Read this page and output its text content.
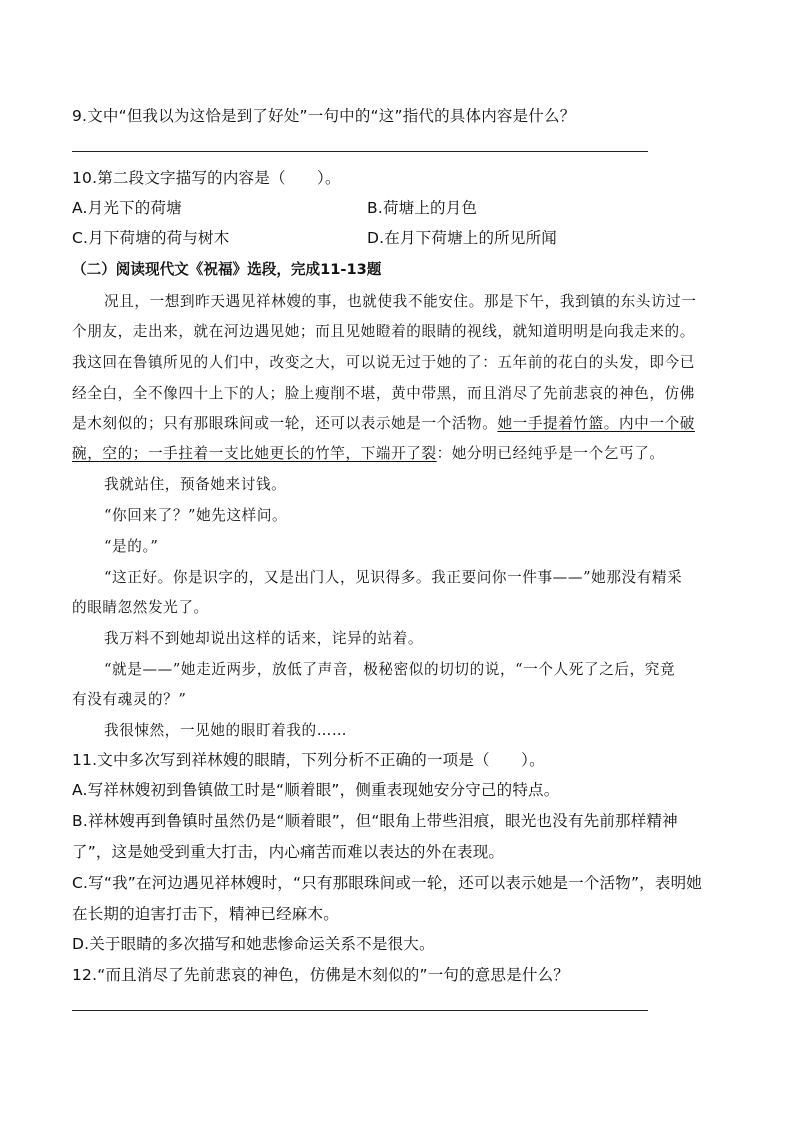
9.文中“但我以为这恰是到了好处”一句中的“这”指代的具体内容是什么？
10.第二段文字描写的内容是（　　）。
A.月光下的荷塘	B.荷塘上的月色
C.月下荷塘的荷与树木	D.在月下荷塘上的所见所闻
（二）阅读现代文《祝福》选段，完成11-13题
况且，一想到昨天遇见祥林嫂的事，也就使我不能安住。那是下午，我到镇的东头访过一
个朋友，走出来，就在河边遇见她；而且见她瞪着的眼睛的视线，就知道明明是向我走来的。
我这回在鲁镇所见的人们中，改变之大，可以说无过于她的了：五年前的花白的头发，即今已
经全白，全不像四十上下的人；脸上瘦削不堪，黄中带黑，而且消尽了先前悲哀的神色，仿佛
是木刻似的；只有那眼珠间或一轮，还可以表示她是一个活物。她一手提着竹篮。内中一个破
碗，空的；一手拄着一支比她更长的竹竿，下端开了裂：她分明已经纯乎是一个乞丐了。
我就站住，预备她来讨钱。
“你回来了？”她先这样问。
“是的。”
“这正好。你是识字的，又是出门人，见识得多。我正要问你一件事——”她那没有精采
的眼睛忽然发光了。
我万料不到她却说出这样的话来，诧异的站着。
“就是——”她走近两步，放低了声音，极秘密似的切切的说，“一个人死了之后，究竟
有没有魂灵的？”
我很悚然，一见她的眼盯着我的……
11.文中多次写到祥林嫂的眼睛，下列分析不正确的一项是（　　）。
A.写祥林嫂初到鲁镇做工时是“顺着眼”，侧重表现她安分守己的特点。
B.祥林嫂再到鲁镇时虽然仍是“顺着眼”，但“眼角上带些泪痕，眼光也没有先前那样精神
了”，这是她受到重大打击，内心痛苦而难以表达的外在表现。
C.写“我”在河边遇见祥林嫂时，“只有那眼珠间或一轮，还可以表示她是一个活物”，表明她
在长期的迫害打击下，精神已经麻木。
D.关于眼睛的多次描写和她悲惨命运关系不是很大。
12.“而且消尽了先前悲哀的神色，仿佛是木刻似的”一句的意思是什么？
